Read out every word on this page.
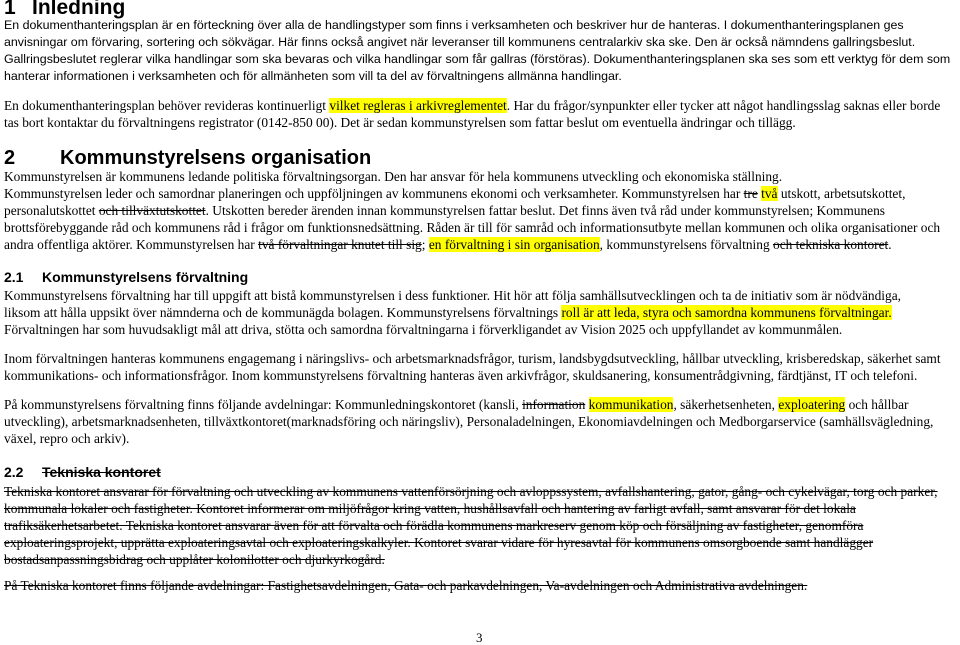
1 Inledning
En dokumenthanteringsplan är en förteckning över alla de handlingstyper som finns i verksamheten och beskriver hur de hanteras. I dokumenthanteringsplanen ges
anvisningar om förvaring, sortering och sökvägar. Här finns också angivet när leveranser till kommunens centralarkiv ska ske. Den är också nämndens gallringsbeslut.
Gallringsbeslutet reglerar vilka handlingar som ska bevaras och vilka handlingar som får gallras (förstöras). Dokumenthanteringsplanen ska ses som ett verktyg för dem som
hanterar informationen i verksamheten och för allmänheten som vill ta del av förvaltningens allmänna handlingar.
En dokumenthanteringsplan behöver revideras kontinuerligt vilket regleras i arkivreglementet. Har du frågor/synpunkter eller tycker att något handlingsslag saknas eller borde
tas bort kontaktar du förvaltningens registrator (0142-850 00). Det är sedan kommunstyrelsen som fattar beslut om eventuella ändringar och tillägg.
2 Kommunstyrelsens organisation
Kommunstyrelsen är kommunens ledande politiska förvaltningsorgan. Den har ansvar för hela kommunens utveckling och ekonomiska ställning.
Kommunstyrelsen leder och samordnar planeringen och uppföljningen av kommunens ekonomi och verksamheter. Kommunstyrelsen har tre två utskott, arbetsutskottet,
personalutskottet och tillväxtutskottet. Utskotten bereder ärenden innan kommunstyrelsen fattar beslut. Det finns även två råd under kommunstyrelsen; Kommunens
brottsförebyggande råd och kommunens råd i frågor om funktionsnedsättning. Råden är till för samråd och informationsutbyte mellan kommunen och olika organisationer och
andra offentliga aktörer. Kommunstyrelsen har två förvaltningar knutet till sig; en förvaltning i sin organisation, kommunstyrelsens förvaltning och tekniska kontoret.
2.1 Kommunstyrelsens förvaltning
Kommunstyrelsens förvaltning har till uppgift att bistå kommunstyrelsen i dess funktioner. Hit hör att följa samhällsutvecklingen och ta de initiativ som är nödvändiga,
liksom att hålla uppsikt över nämnderna och de kommunägda bolagen. Kommunstyrelsens förvaltnings roll är att leda, styra och samordna kommunens förvaltningar.
Förvaltningen har som huvudsakligt mål att driva, stötta och samordna förvaltningarna i förverkligandet av Vision 2025 och uppfyllandet av kommunmålen.
Inom förvaltningen hanteras kommunens engagemang i näringslivs- och arbetsmarknadsfrågor, turism, landsbygdsutveckling, hållbar utveckling, krisberedskap, säkerhet samt
kommunikations- och informationsfrågor. Inom kommunstyrelsens förvaltning hanteras även arkivfrågor, skuldsanering, konsumentrådgivning, färdtjänst, IT och telefoni.
På kommunstyrelsens förvaltning finns följande avdelningar: Kommunledningskontoret (kansli, information kommunikation, säkerhetsenheten, exploatering och hållbar
utveckling), arbetsmarknadsenheten, tillväxtkontoret(marknadsföring och näringsliv), Personaladelningen, Ekonomiavdelningen och Medborgarservice (samhällsvägledning,
växel, repro och arkiv).
2.2 Tekniska kontoret
Tekniska kontoret ansvarar för förvaltning och utveckling av kommunens vattenförsörjning och avloppssystem, avfallshantering, gator, gång- och cykelvägar, torg och parker,
kommunala lokaler och fastigheter. Kontoret informerar om miljöfrågor kring vatten, hushållsavfall och hantering av farligt avfall, samt ansvarar för det lokala
trafiksäkerhetsarbetet. Tekniska kontoret ansvarar även för att förvalta och förädla kommunens markreserv genom köp och försäljning av fastigheter, genomföra
exploateringsprojekt, upprätta exploateringsavtal och exploateringskalkyler. Kontoret svarar vidare för hyresavtal för kommunens omsorgboende samt handlägger
bostadsanpassningsbidrag och upplåter kolonilotter och djurkyrkogård.
På Tekniska kontoret finns följande avdelningar: Fastighetsavdelningen, Gata- och parkavdelningen, Va-avdelningen och Administrativa avdelningen.
3
